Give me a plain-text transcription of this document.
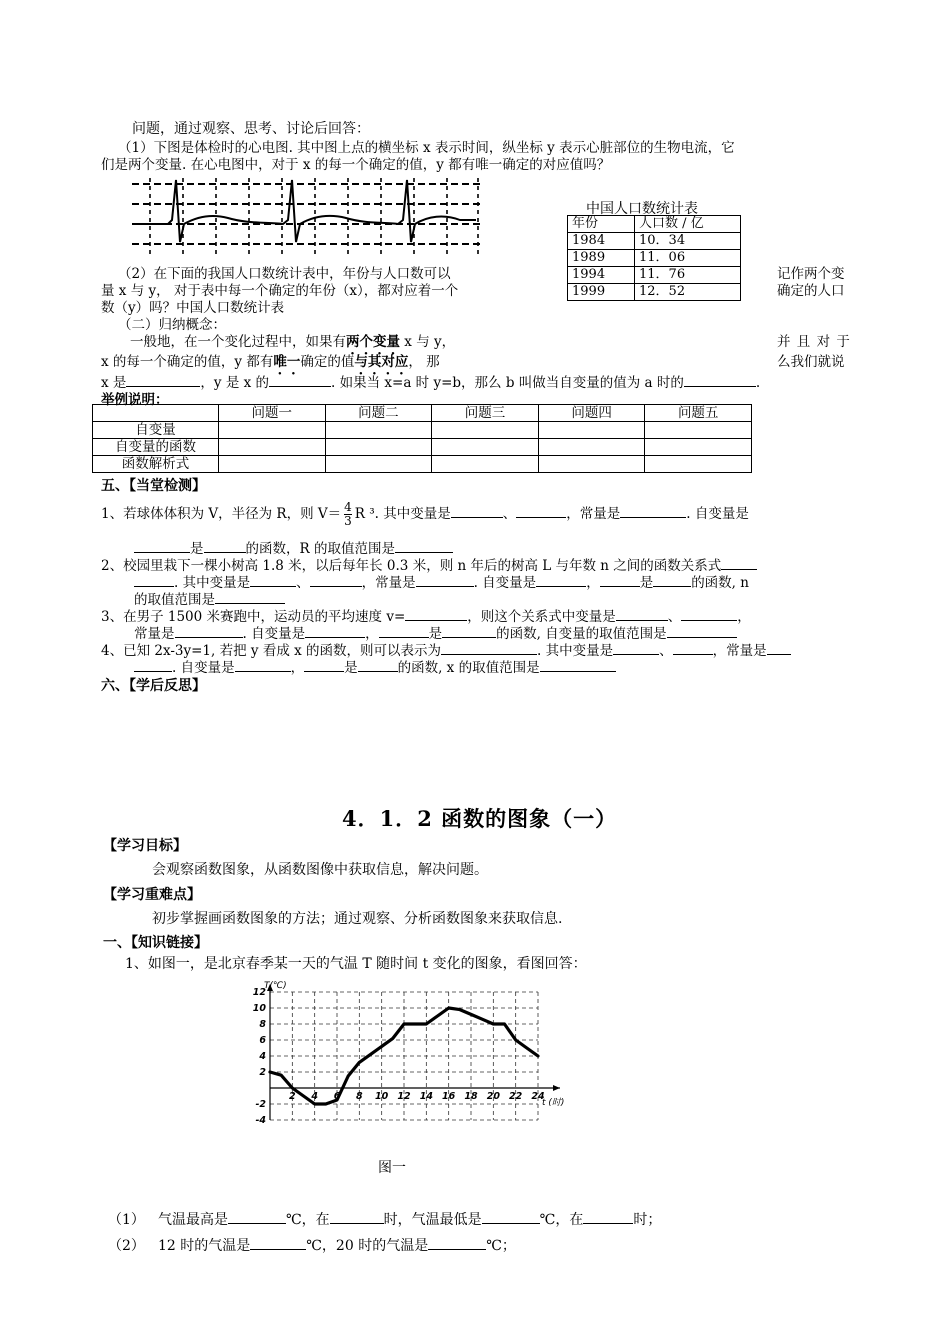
问题，通过观察、思考、讨论后回答：
（1）下图是体检时的心电图. 其中图上点的横坐标 x 表示时间，纵坐标 y 表示心脏部位的生物电流，它
们是两个变量. 在心电图中，对于 x 的每一个确定的值，y 都有唯一确定的对应值吗？
中国人口数统计表
年份	人口数 / 亿
1984	10．34
1989	11．06
1994	11．76
1999	12．52
（2）在下面的我国人口数统计表中，年份与人口数可以
量 x 与 y， 对于表中每一个确定的年份（x），都对应着一个
数（y）吗？中国人口数统计表
记作两个变
确定的人口
（二）归纳概念：
一般地，在一个变化过程中，如果有两个变量 x 与 y，	并 且 对 于
x 的每一个确定的值，y 都有唯一确定的值与其对应， 那	么我们就说
x 是	，y 是 x 的	. 如果当 x=a 时 y=b，那么 b 叫做当自变量的值为 a 时的	.
举例说明：
	问题一	问题二	问题三	问题四	问题五
自变量					
自变量的函数					
函数解析式					
五、【当堂检测】
1、若球体体积为 V，半径为 R，则 $V= \frac{4}{3}$ R ³. 其中变量是	、	，常量是	. 自变量是
是	的函数，R 的取值范围是
2、校园里栽下一棵小树高 1.8 米，以后每年长 0.3 米，则 n 年后的树高 L 与年数 n 之间的函数关系式
. 其中变量是	、	，常量是	. 自变量是	，	是	的函数, n
的取值范围是
3、在男子 1500 米赛跑中，运动员的平均速度 v=	，则这个关系式中变量是	、	，
常量是	. 自变量是	，	是	的函数, 自变量的取值范围是
4、已知 2x-3y=1, 若把 y 看成 x 的函数，则可以表示为	. 其中变量是	、	，常量是
. 自变量是	，	是	的函数, x 的取值范围是
六、【学后反思】
4．1．2 函数的图象（一）
【学习目标】
会观察函数图象，从函数图像中获取信息，解决问题。
【学习重难点】
初步掌握画函数图象的方法；通过观察、分析函数图象来获取信息.
一、【知识链接】
1、如图一，是北京春季某一天的气温 T 随时间 t 变化的图象，看图回答：
2 4 6 8 10 12 14 16 18 20 22 24
12
10
8
6
4
2
-2
-4
T(℃)
t (时)
图一
（1） 气温最高是	℃，在	时，气温最低是	℃，在	时；
（2） 12 时的气温是	℃，20 时的气温是	℃；
